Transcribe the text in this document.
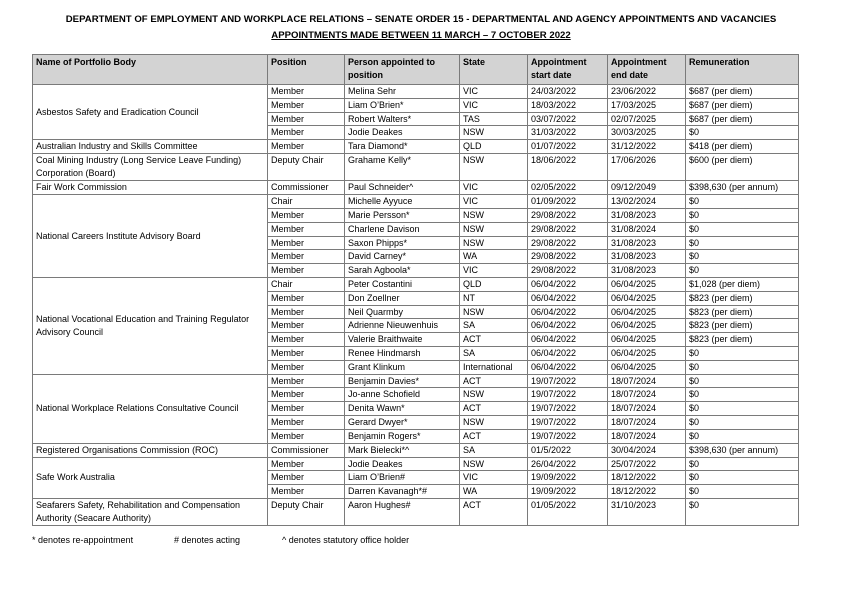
DEPARTMENT OF EMPLOYMENT AND WORKPLACE RELATIONS – SENATE ORDER 15 - DEPARTMENTAL AND AGENCY APPOINTMENTS AND VACANCIES
APPOINTMENTS MADE BETWEEN 11 MARCH – 7 OCTOBER 2022
Name of Portfolio Body	Position	Person appointed to position	State	Appointment start date	Appointment end date	Remuneration
Asbestos Safety and Eradication Council	Member	Melina Sehr	VIC	24/03/2022	23/06/2022	$687 (per diem)
	Member	Liam O’Brien*	VIC	18/03/2022	17/03/2025	$687 (per diem)
	Member	Robert Walters*	TAS	03/07/2022	02/07/2025	$687 (per diem)
	Member	Jodie Deakes	NSW	31/03/2022	30/03/2025	$0
Australian Industry and Skills Committee	Member	Tara Diamond*	QLD	01/07/2022	31/12/2022	$418 (per diem)
Coal Mining Industry (Long Service Leave Funding) Corporation (Board)	Deputy Chair	Grahame Kelly*	NSW	18/06/2022	17/06/2026	$600 (per diem)
Fair Work Commission	Commissioner	Paul Schneider^	VIC	02/05/2022	09/12/2049	$398,630 (per annum)
National Careers Institute Advisory Board	Chair	Michelle Ayyuce	VIC	01/09/2022	13/02/2024	$0
	Member	Marie Persson*	NSW	29/08/2022	31/08/2023	$0
	Member	Charlene Davison	NSW	29/08/2022	31/08/2024	$0
	Member	Saxon Phipps*	NSW	29/08/2022	31/08/2023	$0
	Member	David Carney*	WA	29/08/2022	31/08/2023	$0
	Member	Sarah Agboola*	VIC	29/08/2022	31/08/2023	$0
National Vocational Education and Training Regulator Advisory Council	Chair	Peter Costantini	QLD	06/04/2022	06/04/2025	$1,028 (per diem)
	Member	Don Zoellner	NT	06/04/2022	06/04/2025	$823 (per diem)
	Member	Neil Quarmby	NSW	06/04/2022	06/04/2025	$823 (per diem)
	Member	Adrienne Nieuwenhuis	SA	06/04/2022	06/04/2025	$823 (per diem)
	Member	Valerie Braithwaite	ACT	06/04/2022	06/04/2025	$823 (per diem)
	Member	Renee Hindmarsh	SA	06/04/2022	06/04/2025	$0
	Member	Grant Klinkum	International	06/04/2022	06/04/2025	$0
National Workplace Relations Consultative Council	Member	Benjamin Davies*	ACT	19/07/2022	18/07/2024	$0
	Member	Jo-anne Schofield	NSW	19/07/2022	18/07/2024	$0
	Member	Denita Wawn*	ACT	19/07/2022	18/07/2024	$0
	Member	Gerard Dwyer*	NSW	19/07/2022	18/07/2024	$0
	Member	Benjamin Rogers*	ACT	19/07/2022	18/07/2024	$0
Registered Organisations Commission (ROC)	Commissioner	Mark Bielecki*^	SA	01/5/2022	30/04/2024	$398,630 (per annum)
Safe Work Australia	Member	Jodie Deakes	NSW	26/04/2022	25/07/2022	$0
	Member	Liam O’Brien#	VIC	19/09/2022	18/12/2022	$0
	Member	Darren Kavanagh*#	WA	19/09/2022	18/12/2022	$0
Seafarers Safety, Rehabilitation and Compensation Authority (Seacare Authority)	Deputy Chair	Aaron Hughes#	ACT	01/05/2022	31/10/2023	$0
* denotes re-appointment	# denotes acting	^ denotes statutory office holder
